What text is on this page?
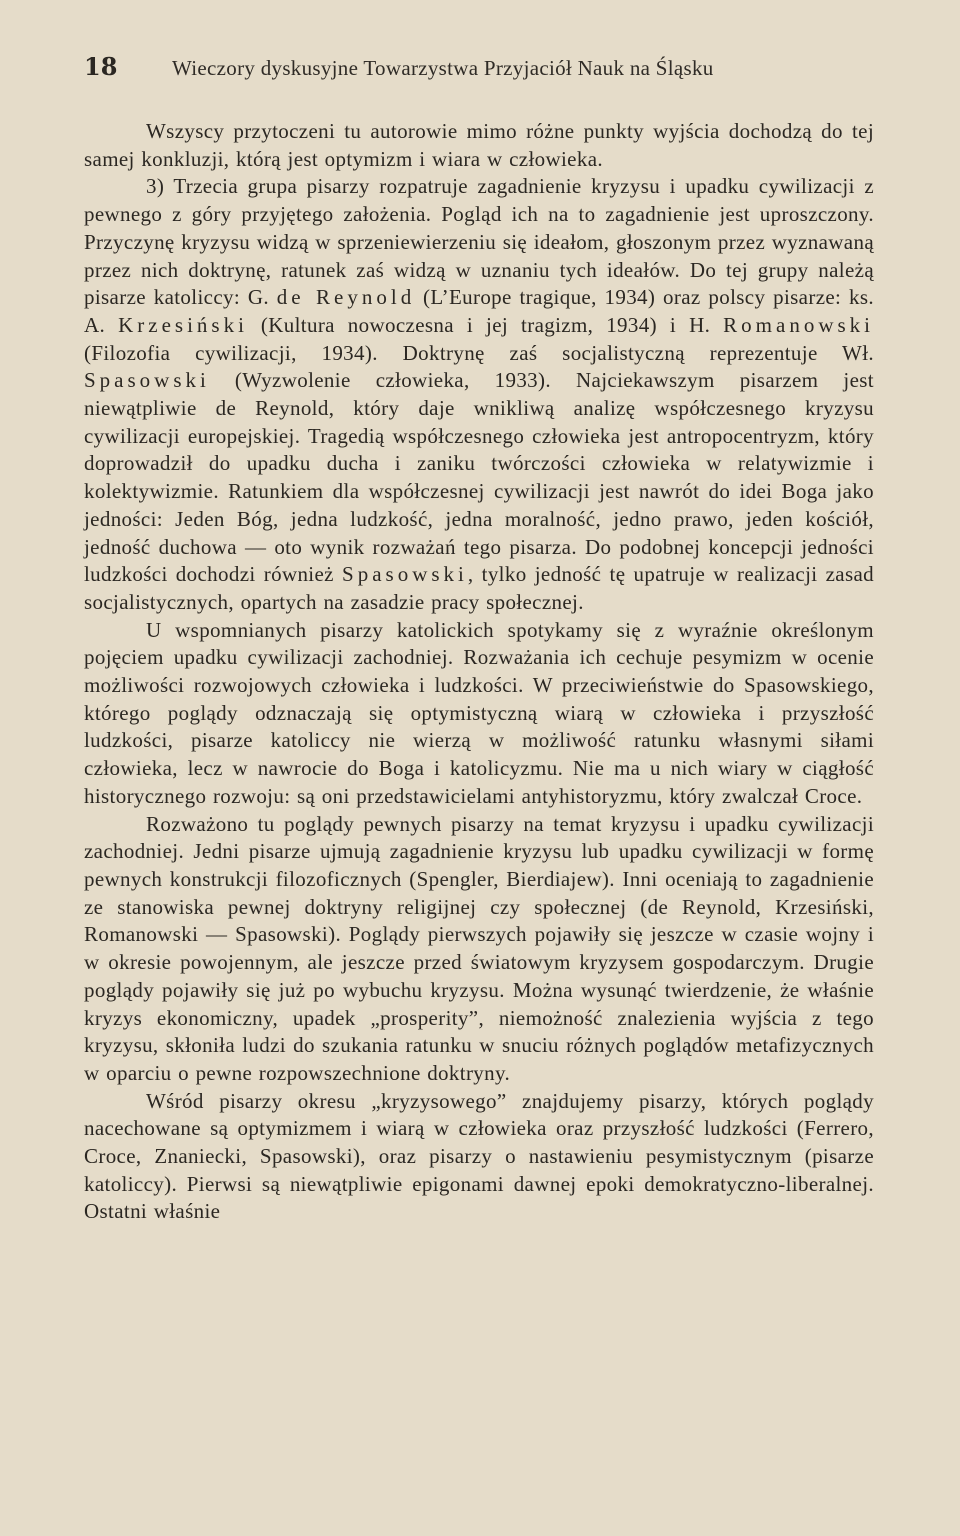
18	Wieczory dyskusyjne Towarzystwa Przyjaciół Nauk na Śląsku

Wszyscy przytoczeni tu autorowie mimo różne punkty wyjścia dochodzą do tej samej konkluzji, którą jest optymizm i wiara w człowieka.

3) Trzecia grupa pisarzy rozpatruje zagadnienie kryzysu i upadku cywilizacji z pewnego z góry przyjętego założenia. Pogląd ich na to zagadnienie jest uproszczony. Przyczynę kryzysu widzą w sprzeniewierzeniu się ideałom, głoszonym przez wyznawaną przez nich doktrynę, ratunek zaś widzą w uznaniu tych ideałów. Do tej grupy należą pisarze katoliccy: G. de Reynold (L’Europe tragique, 1934) oraz polscy pisarze: ks. A. Krzesiński (Kultura nowoczesna i jej tragizm, 1934) i H. Romanowski (Filozofia cywilizacji, 1934). Doktrynę zaś socjalistyczną reprezentuje Wł. Spasowski (Wyzwolenie człowieka, 1933). Najciekawszym pisarzem jest niewątpliwie de Reynold, który daje wnikliwą analizę współczesnego kryzysu cywilizacji europejskiej. Tragedią współczesnego człowieka jest antropocentryzm, który doprowadził do upadku ducha i zaniku twórczości człowieka w relatywizmie i kolektywizmie. Ratunkiem dla współczesnej cywilizacji jest nawrót do idei Boga jako jedności: Jeden Bóg, jedna ludzkość, jedna moralność, jedno prawo, jeden kościół, jedność duchowa — oto wynik rozważań tego pisarza. Do podobnej koncepcji jedności ludzkości dochodzi również Spasowski, tylko jedność tę upatruje w realizacji zasad socjalistycznych, opartych na zasadzie pracy społecznej.

U wspomnianych pisarzy katolickich spotykamy się z wyraźnie określonym pojęciem upadku cywilizacji zachodniej. Rozważania ich cechuje pesymizm w ocenie możliwości rozwojowych człowieka i ludzkości. W przeciwieństwie do Spasowskiego, którego poglądy odznaczają się optymistyczną wiarą w człowieka i przyszłość ludzkości, pisarze katoliccy nie wierzą w możliwość ratunku własnymi siłami człowieka, lecz w nawrocie do Boga i katolicyzmu. Nie ma u nich wiary w ciągłość historycznego rozwoju: są oni przedstawicielami antyhistoryzmu, który zwalczał Croce.

Rozważono tu poglądy pewnych pisarzy na temat kryzysu i upadku cywilizacji zachodniej. Jedni pisarze ujmują zagadnienie kryzysu lub upadku cywilizacji w formę pewnych konstrukcji filozoficznych (Spengler, Bierdiajew). Inni oceniają to zagadnienie ze stanowiska pewnej doktryny religijnej czy społecznej (de Reynold, Krzesiński, Romanowski — Spasowski). Poglądy pierwszych pojawiły się jeszcze w czasie wojny i w okresie powojennym, ale jeszcze przed światowym kryzysem gospodarczym. Drugie poglądy pojawiły się już po wybuchu kryzysu. Można wysunąć twierdzenie, że właśnie kryzys ekonomiczny, upadek „prosperity”, niemożność znalezienia wyjścia z tego kryzysu, skłoniła ludzi do szukania ratunku w snuciu różnych poglądów metafizycznych w oparciu o pewne rozpowszechnione doktryny.

Wśród pisarzy okresu „kryzysowego” znajdujemy pisarzy, których poglądy nacechowane są optymizmem i wiarą w człowieka oraz przyszłość ludzkości (Ferrero, Croce, Znaniecki, Spasowski), oraz pisarzy o nastawieniu pesymistycznym (pisarze katoliccy). Pierwsi są niewątpliwie epigonami dawnej epoki demokratyczno-liberalnej. Ostatni właśnie
